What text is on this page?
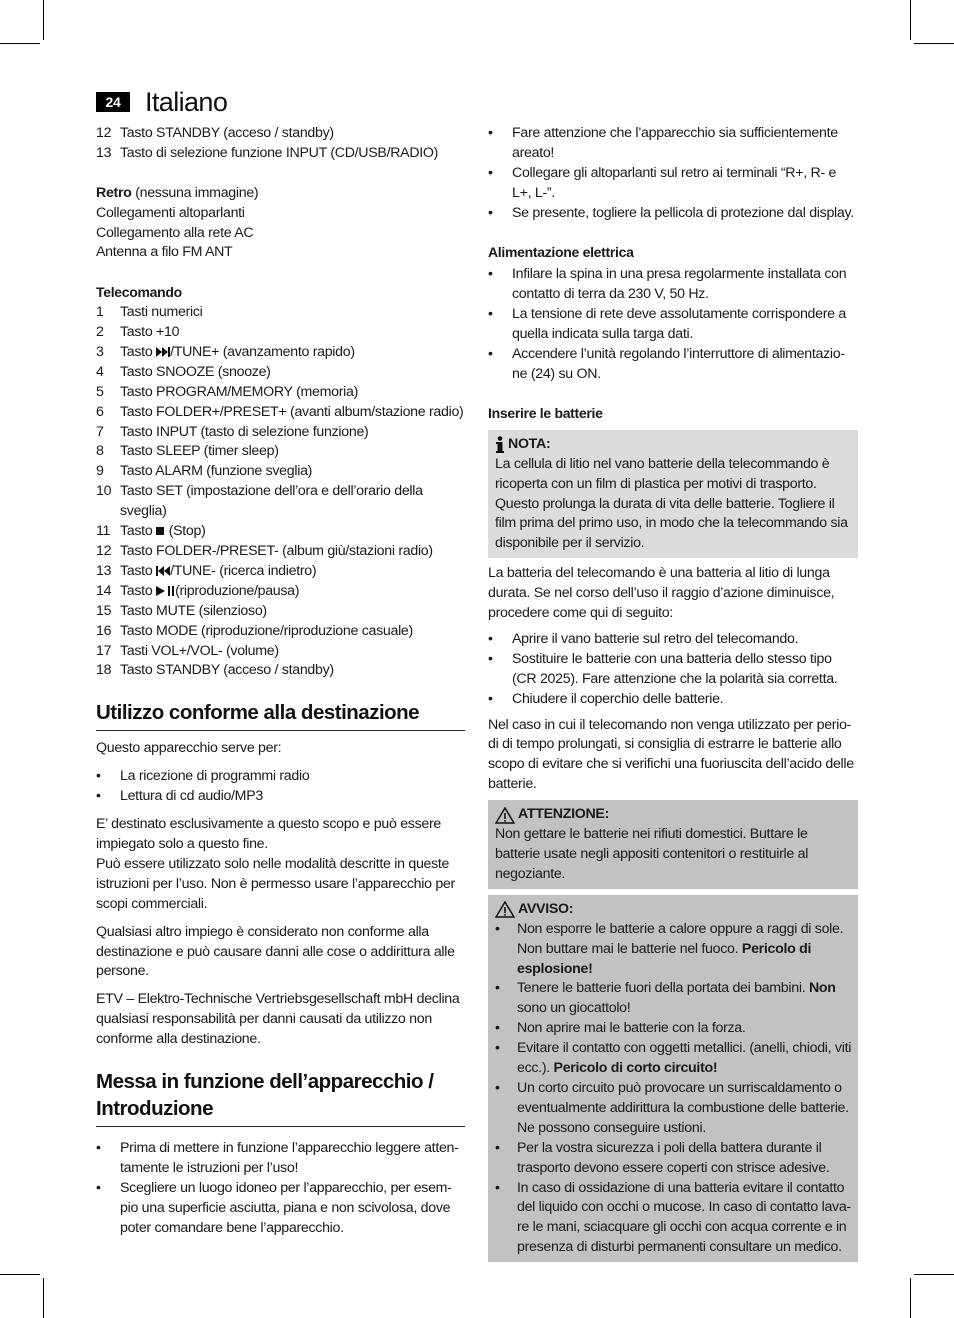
24 Italiano
12 Tasto STANDBY (acceso / standby)
13 Tasto di selezione funzione INPUT (CD/USB/RADIO)

Retro (nessuna immagine)

Collegamenti altoparlanti

Collegamento alla rete AC

Antenna a filo FM ANT

Telecomando

1	Tasti numerici
2	Tasto +10
3	Tasto /TUNE+ (avanzamento rapido)
4	Tasto SNOOZE (snooze)
5	Tasto PROGRAM/MEMORY (memoria)
6	Tasto FOLDER+/PRESET+ (avanti album/stazione radio)
7	Tasto INPUT (tasto di selezione funzione)
8	Tasto SLEEP (timer sleep)
9	Tasto ALARM (funzione sveglia)
10 Tasto SET (impostazione dell’ora e dell’orario della sveglia)
11 Tasto  (Stop)
12 Tasto FOLDER-/PRESET- (album giù/stazioni radio)
13 Tasto /TUNE- (ricerca indietro)
14 Tasto (riproduzione/pausa)
15 Tasto MUTE (silenzioso)
16 Tasto MODE (riproduzione/riproduzione casuale)
17 Tasti VOL+/VOL- (volume)
18 Tasto STANDBY (acceso / standby)
Utilizzo conforme alla destinazione

Questo apparecchio serve per:

• La ricezione di programmi radio
• Lettura di cd audio/MP3

E’ destinato esclusivamente a questo scopo e può essere impiegato solo a questo fine.

Può essere utilizzato solo nelle modalità descritte in queste istruzioni per l’uso. Non è permesso usare l’apparecchio per scopi commerciali.

Qualsiasi altro impiego è considerato non conforme alla destinazione e può causare danni alle cose o addirittura alle persone.

ETV – Elektro-Technische Vertriebsgesellschaft mbH declina qualsiasi responsabilità per danni causati da utilizzo non conforme alla destinazione.

Messa in funzione dell’apparecchio / Introduzione
• Prima di mettere in funzione l’apparecchio leggere atten-tamente le istruzioni per l’uso!
• Scegliere un luogo idoneo per l’apparecchio, per esem-pio una superficie asciutta, piana e non scivolosa, dove poter comandare bene l’apparecchio.
• Fare attenzione che l’apparecchio sia sufficientemente areato!
• Collegare gli altoparlanti sul retro ai terminali “R+, R- e L+, L-”.
• Se presente, togliere la pellicola di protezione dal display.

Alimentazione elettrica

• Infilare la spina in una presa regolarmente installata con contatto di terra da 230 V, 50 Hz.
• La tensione di rete deve assolutamente corrispondere a quella indicata sulla targa dati.
• Accendere l’unità regolando l’interruttore di alimentazio-ne (24) su ON.

Inserire le batterie

NOTA:

La cellula di litio nel vano batterie della telecommando è ricoperta con un film di plastica per motivi di trasporto. Questo prolunga la durata di vita delle batterie. Togliere il film prima del primo uso, in modo che la telecommando sia disponibile per il servizio.

La batteria del telecomando è una batteria al litio di lunga durata. Se nel corso dell’uso il raggio d’azione diminuisce, procedere come qui di seguito:

• Aprire il vano batterie sul retro del telecomando.
• Sostituire le batterie con una batteria dello stesso tipo (CR 2025). Fare attenzione che la polarità sia corretta.
• Chiudere il coperchio delle batterie.

Nel caso in cui il telecomando non venga utilizzato per perio-di di tempo prolungati, si consiglia di estrarre le batterie allo scopo di evitare che si verifichi una fuoriuscita dell’acido delle batterie.

ATTENZIONE:

Non gettare le batterie nei rifiuti domestici. Buttare le batterie usate negli appositi contenitori o restituirle al negoziante.

AVVISO:
• Non esporre le batterie a calore oppure a raggi di sole. Non buttare mai le batterie nel fuoco. Pericolo di esplosione!
• Tenere le batterie fuori della portata dei bambini. Non sono un giocattolo!
• Non aprire mai le batterie con la forza.
• Evitare il contatto con oggetti metallici. (anelli, chiodi, viti ecc.). Pericolo di corto circuito!
• Un corto circuito può provocare un surriscaldamento o eventualmente addirittura la combustione delle batterie. Ne possono conseguire ustioni.
• Per la vostra sicurezza i poli della battera durante il trasporto devono essere coperti con strisce adesive.
• In caso di ossidazione di una batteria evitare il contatto del liquido con occhi o mucose. In caso di contatto lava-re le mani, sciacquare gli occhi con acqua corrente e in presenza di disturbi permanenti consultare un medico.
